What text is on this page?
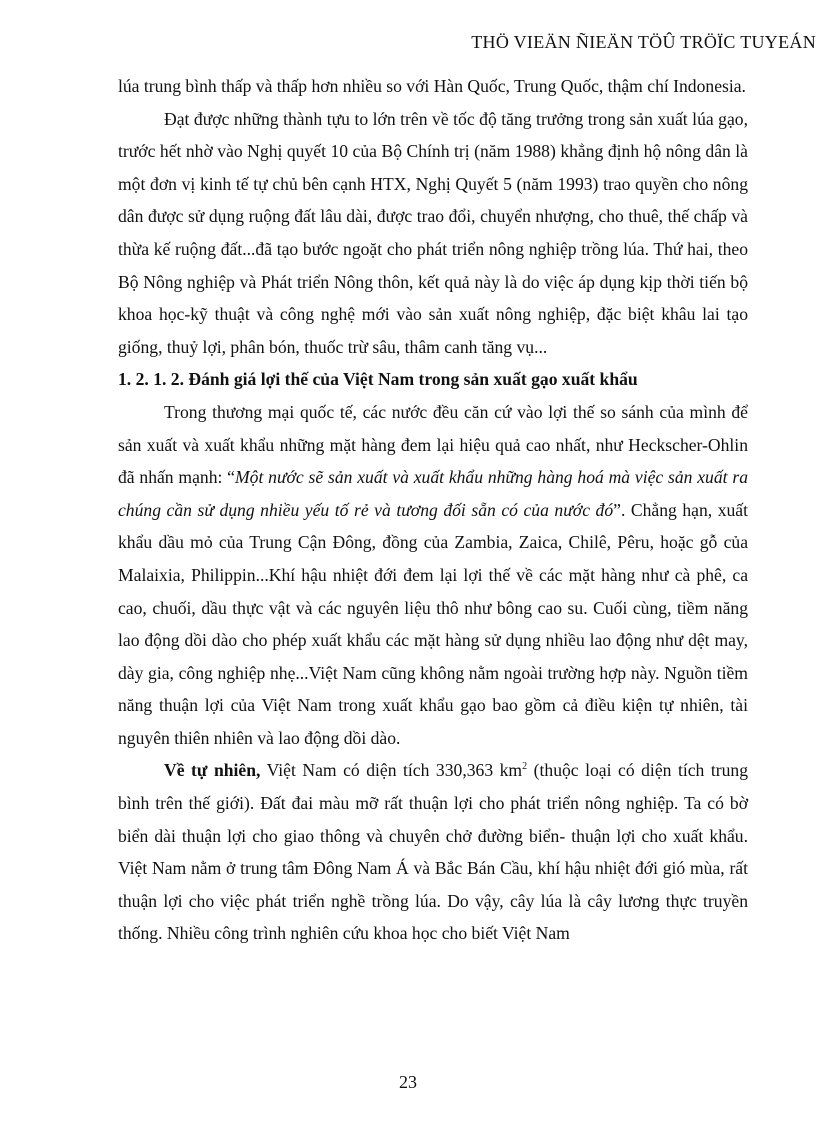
THÖ VIEÄN ÑIEÄN TÖÛ TRÖÏC TUYEÁN

lúa trung bình thấp và thấp hơn nhiều so với Hàn Quốc, Trung Quốc, thậm chí Indonesia.

Đạt được những thành tựu to lớn trên về tốc độ tăng trưởng trong sản xuất lúa gạo, trước hết nhờ vào Nghị quyết 10 của Bộ Chính trị (năm 1988) khẳng định hộ nông dân là một đơn vị kinh tế tự chủ bên cạnh HTX, Nghị Quyết 5 (năm 1993) trao quyền cho nông dân được sử dụng ruộng đất lâu dài, được trao đổi, chuyển nhượng, cho thuê, thế chấp và thừa kế ruộng đất...đã tạo bước ngoặt cho phát triển nông nghiệp trồng lúa. Thứ hai, theo Bộ Nông nghiệp và Phát triển Nông thôn, kết quả này là do việc áp dụng kịp thời tiến bộ khoa học-kỹ thuật và công nghệ mới vào sản xuất nông nghiệp, đặc biệt khâu lai tạo giống, thuỷ lợi, phân bón, thuốc trừ sâu, thâm canh tăng vụ...

1. 2. 1. 2. Đánh giá lợi thế của Việt Nam trong sản xuất gạo xuất khẩu

Trong thương mại quốc tế, các nước đều căn cứ vào lợi thế so sánh của mình để sản xuất và xuất khẩu những mặt hàng đem lại hiệu quả cao nhất, như Heckscher-Ohlin đã nhấn mạnh: “Một nước sẽ sản xuất và xuất khẩu những hàng hoá mà việc sản xuất ra chúng cần sử dụng nhiều yếu tố rẻ và tương đối sẵn có của nước đó”. Chẳng hạn, xuất khẩu dầu mỏ của Trung Cận Đông, đồng của Zambia, Zaica, Chilê, Pêru, hoặc gỗ của Malaixia, Philippin...Khí hậu nhiệt đới đem lại lợi thế về các mặt hàng như cà phê, ca cao, chuối, dầu thực vật và các nguyên liệu thô như bông cao su. Cuối cùng, tiềm năng lao động dồi dào cho phép xuất khẩu các mặt hàng sử dụng nhiều lao động như dệt may, dày gia, công nghiệp nhẹ...Việt Nam cũng không nằm ngoài trường hợp này. Nguồn tiềm năng thuận lợi của Việt Nam trong xuất khẩu gạo bao gồm cả điều kiện tự nhiên, tài nguyên thiên nhiên và lao động dồi dào.

Về tự nhiên, Việt Nam có diện tích 330,363 $km^2$ (thuộc loại có diện tích trung bình trên thế giới). Đất đai màu mỡ rất thuận lợi cho phát triển nông nghiệp. Ta có bờ biển dài thuận lợi cho giao thông và chuyên chở đường biển- thuận lợi cho xuất khẩu. Việt Nam nằm ở trung tâm Đông Nam Á và Bắc Bán Cầu, khí hậu nhiệt đới gió mùa, rất thuận lợi cho việc phát triển nghề trồng lúa. Do vậy, cây lúa là cây lương thực truyền thống. Nhiều công trình nghiên cứu khoa học cho biết Việt Nam

23
